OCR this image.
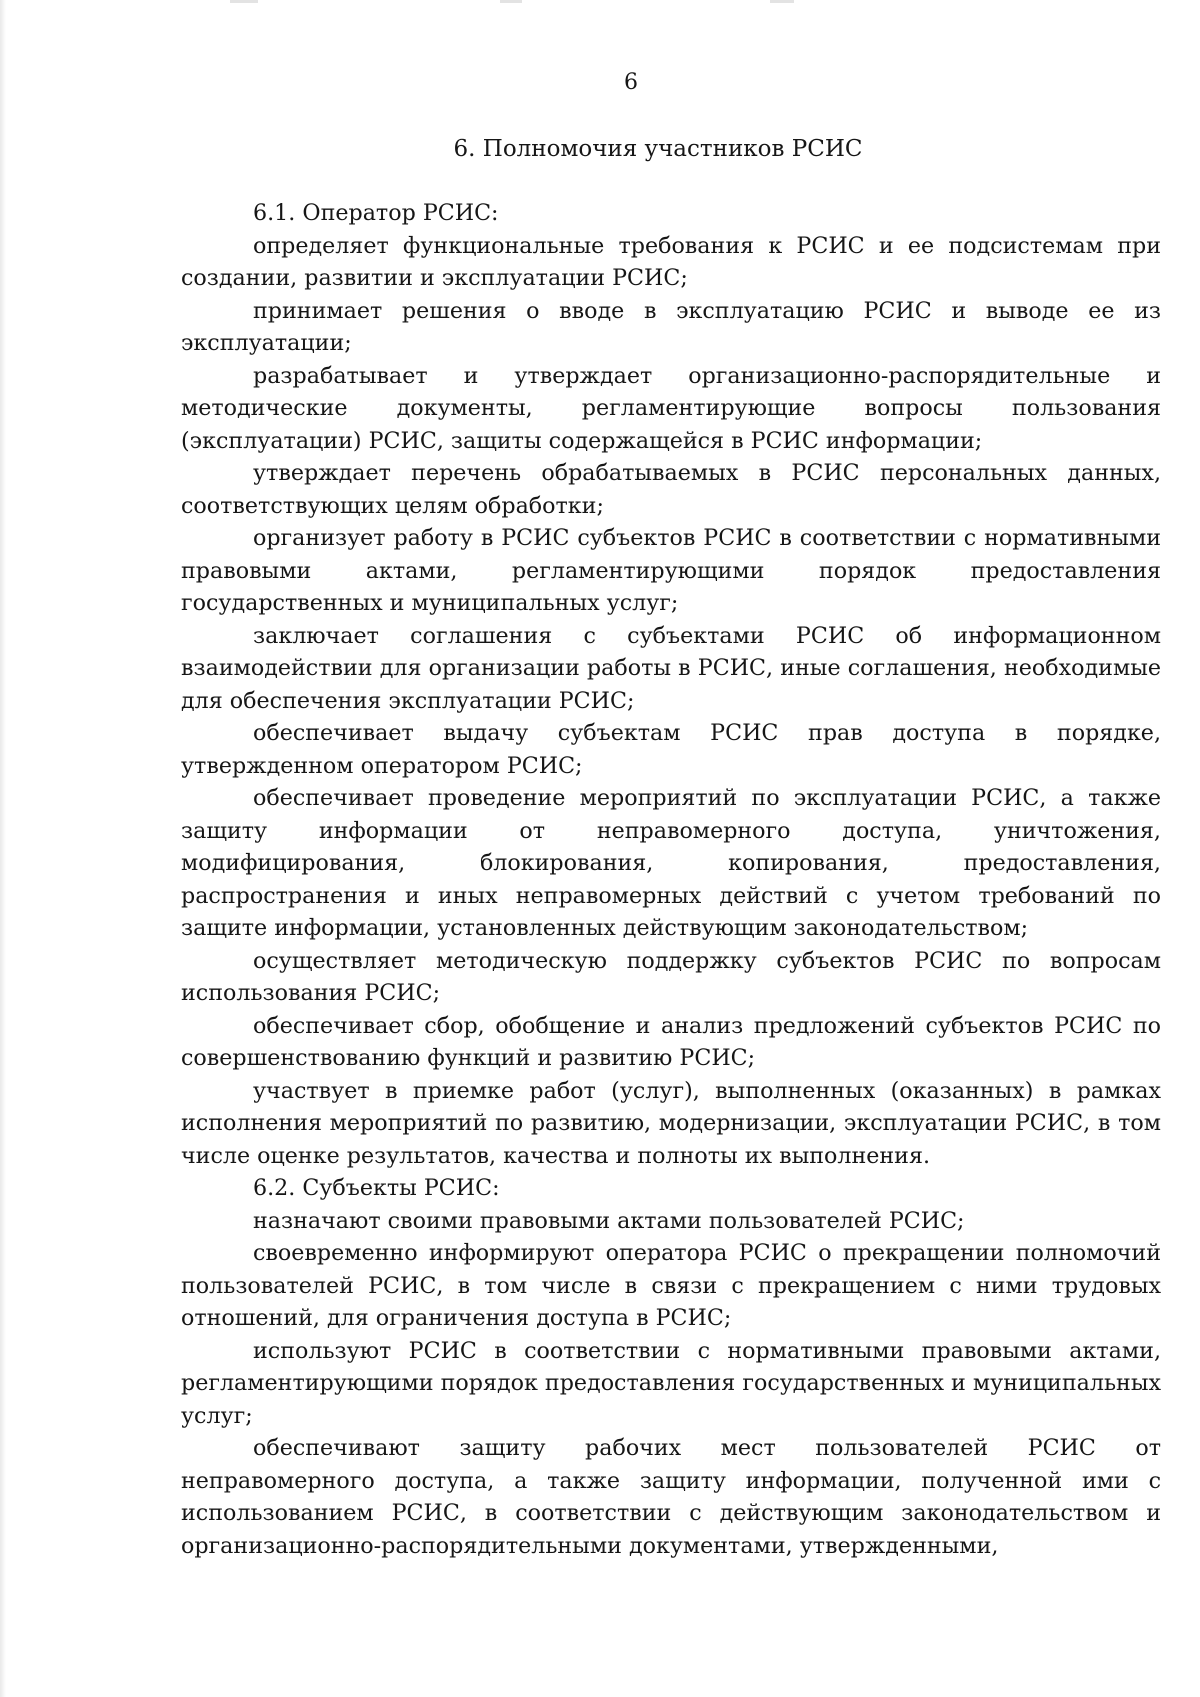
6
6. Полномочия участников РСИС
6.1. Оператор РСИС:

определяет функциональные требования к РСИС и ее подсистемам при создании, развитии и эксплуатации РСИС;

принимает решения о вводе в эксплуатацию РСИС и выводе ее из эксплуатации;

разрабатывает и утверждает организационно-распорядительные и методические документы, регламентирующие вопросы пользования (эксплуатации) РСИС, защиты содержащейся в РСИС информации;

утверждает перечень обрабатываемых в РСИС персональных данных, соответствующих целям обработки;

организует работу в РСИС субъектов РСИС в соответствии с нормативными правовыми актами, регламентирующими порядок предоставления государственных и муниципальных услуг;

заключает соглашения с субъектами РСИС об информационном взаимодействии для организации работы в РСИС, иные соглашения, необходимые для обеспечения эксплуатации РСИС;

обеспечивает выдачу субъектам РСИС прав доступа в порядке, утвержденном оператором РСИС;

обеспечивает проведение мероприятий по эксплуатации РСИС, а также защиту информации от неправомерного доступа, уничтожения, модифицирования, блокирования, копирования, предоставления, распространения и иных неправомерных действий с учетом требований по защите информации, установленных действующим законодательством;

осуществляет методическую поддержку субъектов РСИС по вопросам использования РСИС;

обеспечивает сбор, обобщение и анализ предложений субъектов РСИС по совершенствованию функций и развитию РСИС;

участвует в приемке работ (услуг), выполненных (оказанных) в рамках исполнения мероприятий по развитию, модернизации, эксплуатации РСИС, в том числе оценке результатов, качества и полноты их выполнения.

6.2. Субъекты РСИС:

назначают своими правовыми актами пользователей РСИС;

своевременно информируют оператора РСИС о прекращении полномочий пользователей РСИС, в том числе в связи с прекращением с ними трудовых отношений, для ограничения доступа в РСИС;

используют РСИС в соответствии с нормативными правовыми актами, регламентирующими порядок предоставления государственных и муниципальных услуг;

обеспечивают защиту рабочих мест пользователей РСИС от неправомерного доступа, а также защиту информации, полученной ими с использованием РСИС, в соответствии с действующим законодательством и организационно-распорядительными документами, утвержденными,
